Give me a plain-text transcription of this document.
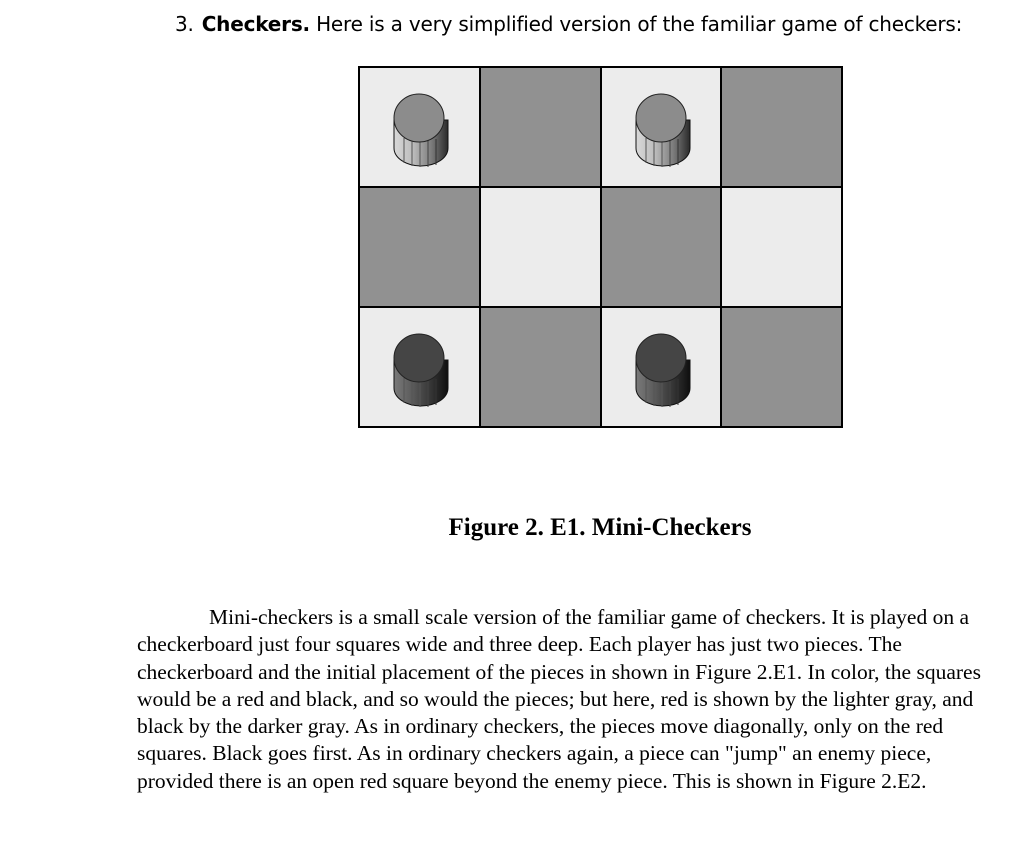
3. Checkers. Here is a very simplified version of the familiar game of checkers:
Figure 2. E1. Mini-Checkers
Mini-checkers is a small scale version of the familiar game of checkers. It is played on a checkerboard just four squares wide and three deep. Each player has just two pieces. The checkerboard and the initial placement of the pieces in shown in Figure 2.E1. In color, the squares would be a red and black, and so would the pieces; but here, red is shown by the lighter gray, and black by the darker gray. As in ordinary checkers, the pieces move diagonally, only on the red squares. Black goes first. As in ordinary checkers again, a piece can "jump" an enemy piece, provided there is an open red square beyond the enemy piece. This is shown in Figure 2.E2.
